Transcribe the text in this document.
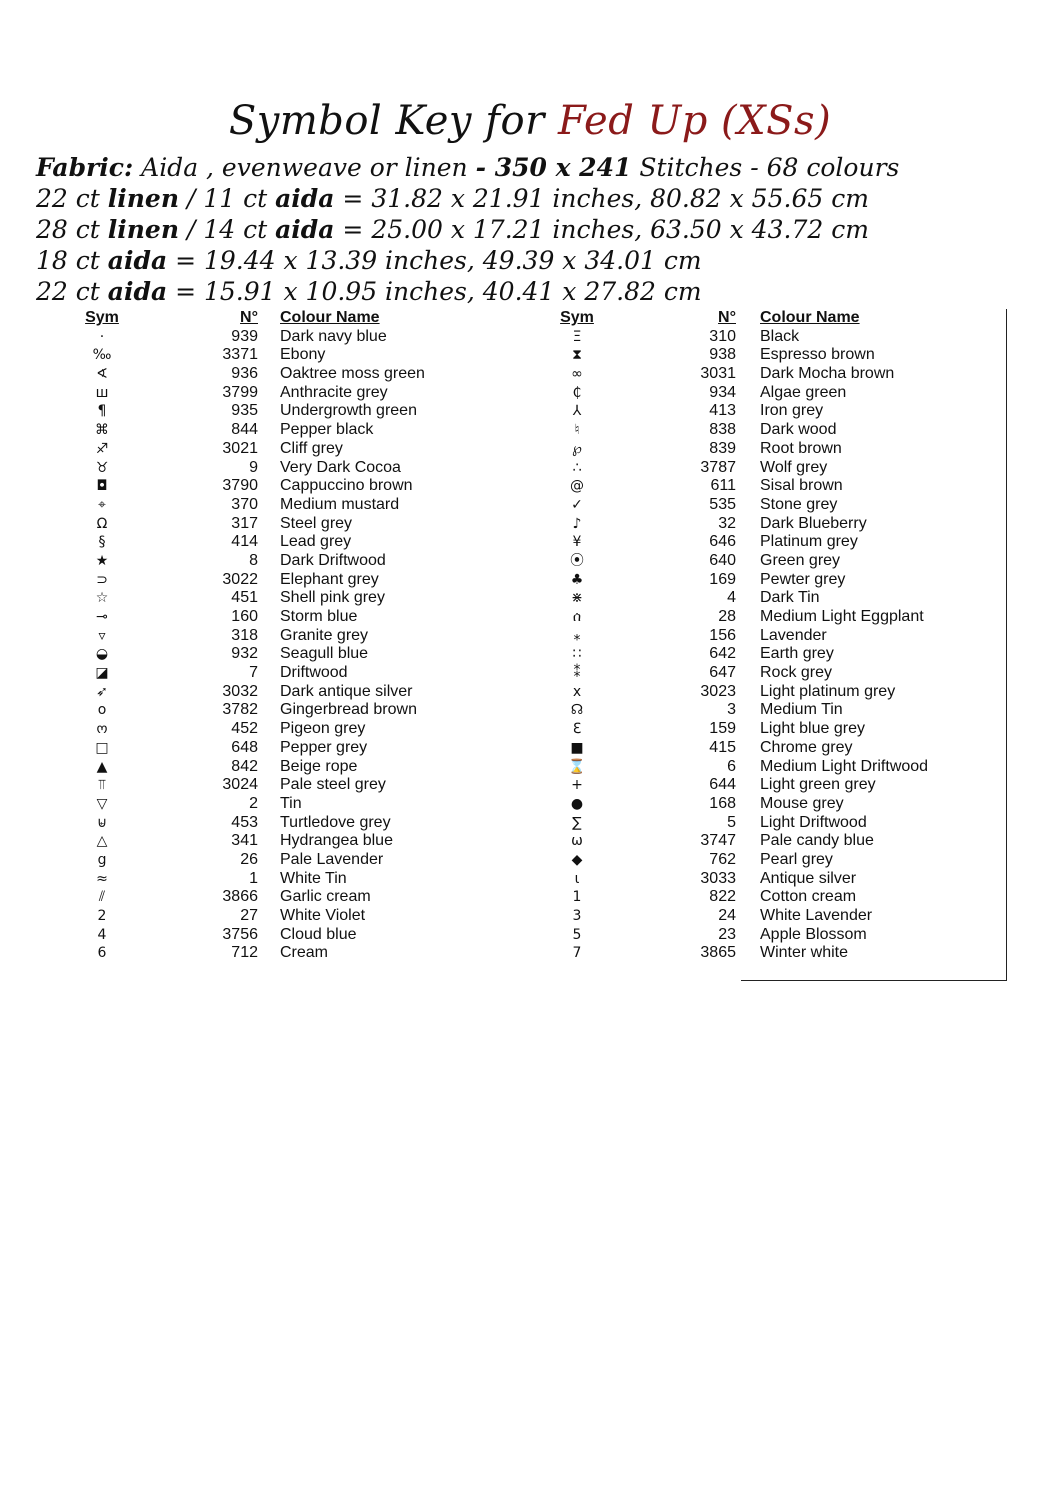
Symbol Key for Fed Up (XSs)
Fabric: Aida , evenweave or linen - 350 x 241 Stitches - 68 colours
22 ct linen / 11 ct aida = 31.82 x 21.91 inches, 80.82 x 55.65 cm
28 ct linen / 14 ct aida = 25.00 x 17.21 inches, 63.50 x 43.72 cm
18 ct aida = 19.44 x 13.39 inches, 49.39 x 34.01 cm
22 ct aida = 15.91 x 10.95 inches, 40.41 x 27.82 cm
Sym	N° Colour Name
·	939 Dark navy blue
‰	3371 Ebony
∢	936 Oaktree moss green
ш	3799 Anthracite grey
¶	935 Undergrowth green
⌘	844 Pepper black
♐	3021 Cliff grey
♉	9 Very Dark Cocoa
◘	3790 Cappuccino brown
⌖	370 Medium mustard
Ω	317 Steel grey
§	414 Lead grey
★	8 Dark Driftwood
⊃	3022 Elephant grey
☆	451 Shell pink grey
⊸	160 Storm blue
▿	318 Granite grey
◒	932 Seagull blue
◪	7 Driftwood
➶	3032 Dark antique silver
o	3782 Gingerbread brown
ო	452 Pigeon grey
□	648 Pepper grey
▲	842 Beige rope
⫪	3024 Pale steel grey
▽	2 Tin
⊌	453 Turtledove grey
△	341 Hydrangea blue
ց	26 Pale Lavender
≈	1 White Tin
⫽	3866 Garlic cream
2	27 White Violet
4	3756 Cloud blue
6	712 Cream
Sym	N° Colour Name
Ξ	310 Black
⧗	938 Espresso brown
∞	3031 Dark Mocha brown
₵	934 Algae green
⅄	413 Iron grey
♮	838 Dark wood
℘	839 Root brown
∴	3787 Wolf grey
@	611 Sisal brown
✓	535 Stone grey
♪	32 Dark Blueberry
¥	646 Platinum grey
⦿	640 Green grey
♣	169 Pewter grey
⋇	4 Dark Tin
ሰ	28 Medium Light Eggplant
⁎	156 Lavender
∷	642 Earth grey
⁑	647 Rock grey
x	3023 Light platinum grey
☊	3 Medium Tin
ℇ	159 Light blue grey
■	415 Chrome grey
⌛	6 Medium Light Driftwood
+	644 Light green grey
●	168 Mouse grey
∑	5 Light Driftwood
ω	3747 Pale candy blue
◆	762 Pearl grey
ɩ	3033 Antique silver
1	822 Cotton cream
3	24 White Lavender
5	23 Apple Blossom
7	3865 Winter white
